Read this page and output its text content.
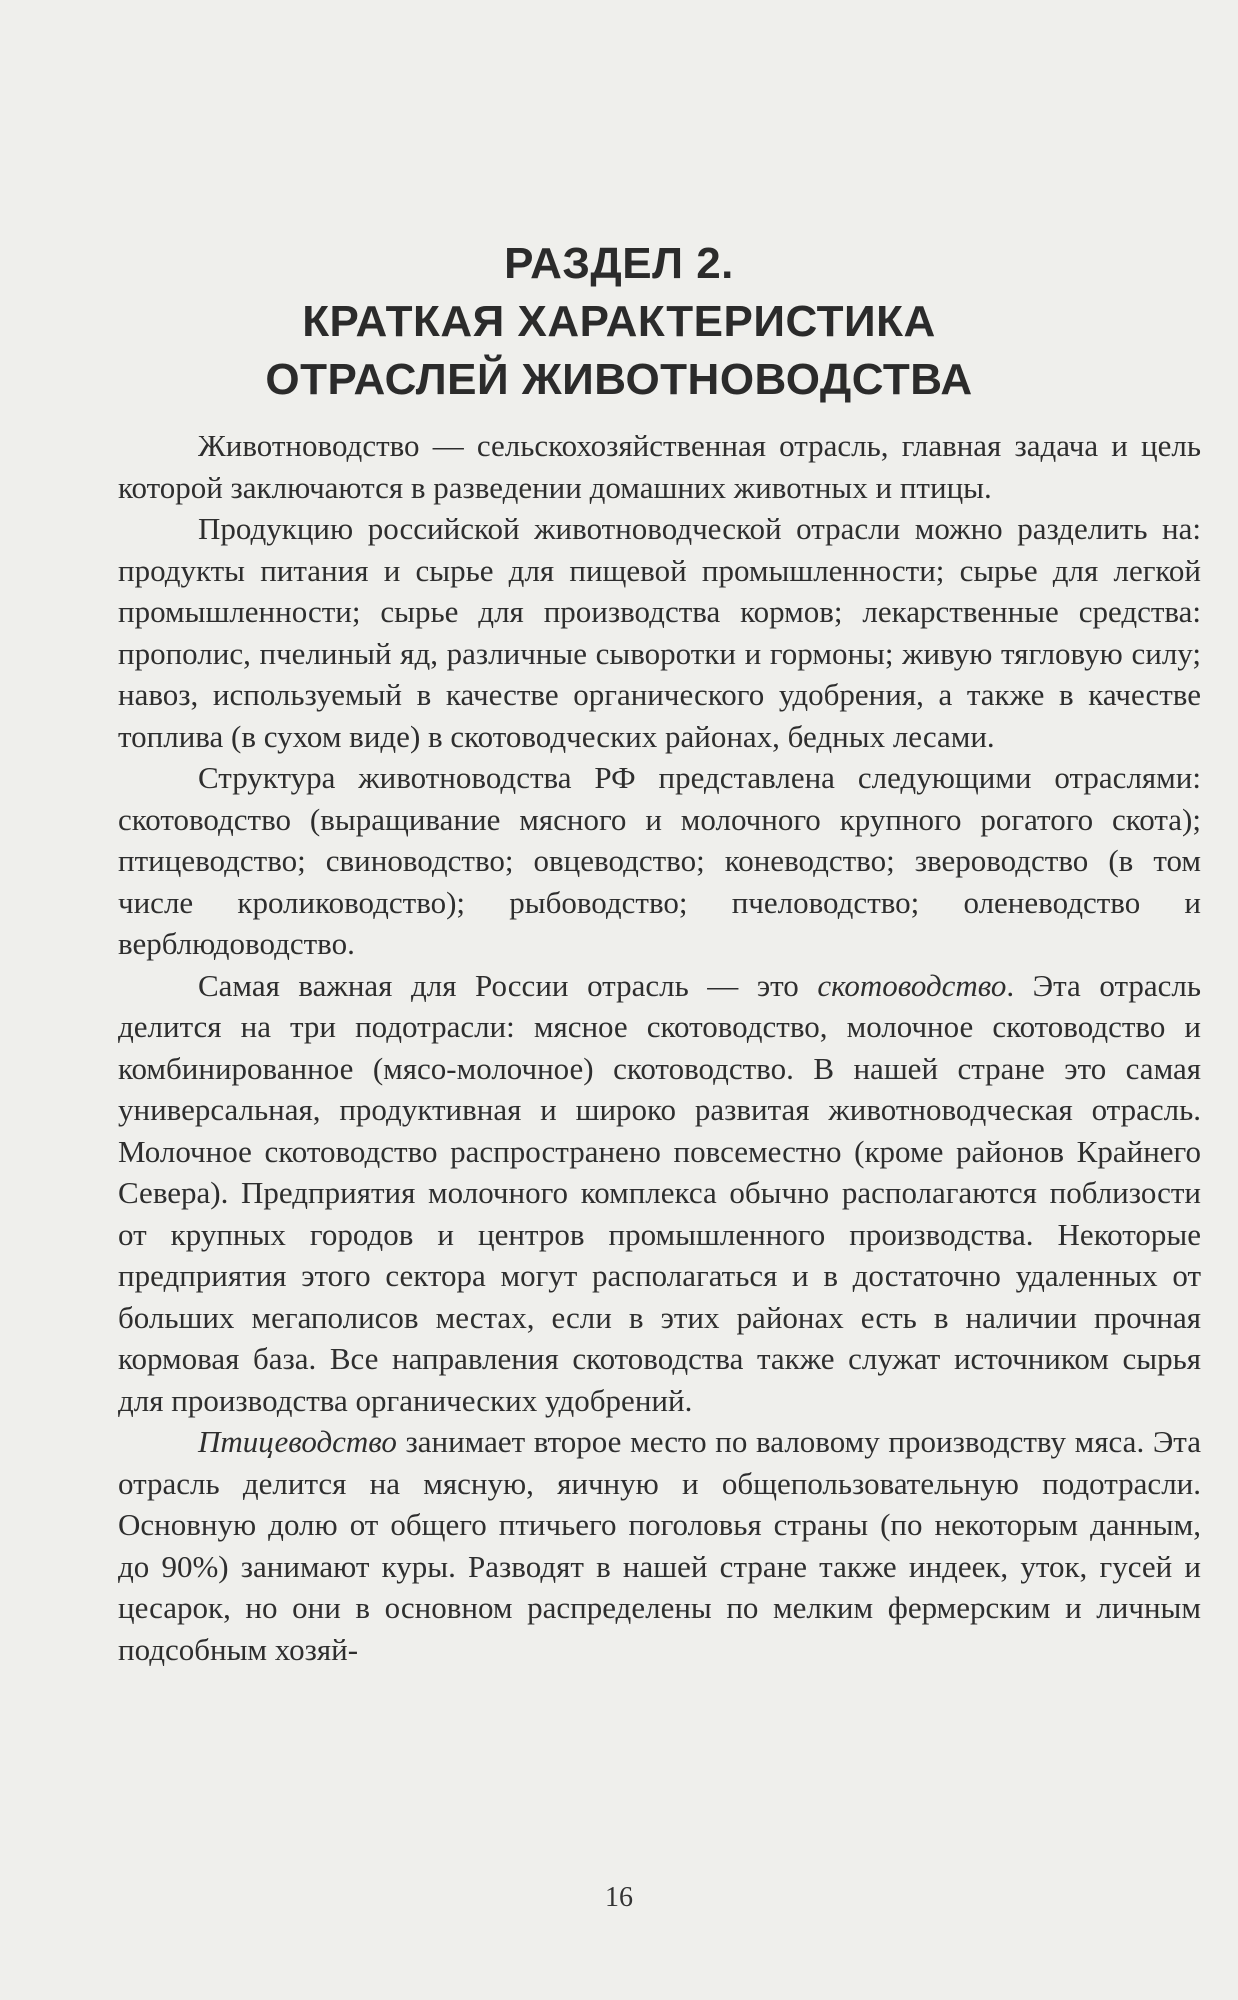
РАЗДЕЛ 2.
КРАТКАЯ ХАРАКТЕРИСТИКА
ОТРАСЛЕЙ ЖИВОТНОВОДСТВА

Животноводство — сельскохозяйственная отрасль, главная задача и цель которой заключаются в разведении домашних животных и птицы.

Продукцию российской животноводческой отрасли можно разделить на: продукты питания и сырье для пищевой промышленности; сырье для легкой промышленности; сырье для производства кормов; лекарственные средства: прополис, пчелиный яд, различные сыворотки и гормоны; живую тягловую силу; навоз, используемый в качестве органического удобрения, а также в качестве топлива (в сухом виде) в скотоводческих районах, бедных лесами.

Структура животноводства РФ представлена следующими отраслями: скотоводство (выращивание мясного и молочного крупного рогатого скота); птицеводство; свиноводство; овцеводство; коневодство; звероводство (в том числе кролиководство); рыбоводство; пчеловодство; оленеводство и верблюдоводство.

Самая важная для России отрасль — это скотоводство. Эта отрасль делится на три подотрасли: мясное скотоводство, молочное скотоводство и комбинированное (мясо-молочное) скотоводство. В нашей стране это самая универсальная, продуктивная и широко развитая животноводческая отрасль. Молочное скотоводство распространено повсеместно (кроме районов Крайнего Севера). Предприятия молочного комплекса обычно располагаются поблизости от крупных городов и центров промышленного производства. Некоторые предприятия этого сектора могут располагаться и в достаточно удаленных от больших мегаполисов местах, если в этих районах есть в наличии прочная кормовая база. Все направления скотоводства также служат источником сырья для производства органических удобрений.

Птицеводство занимает второе место по валовому производству мяса. Эта отрасль делится на мясную, яичную и общепользовательную подотрасли. Основную долю от общего птичьего поголовья страны (по некоторым данным, до 90%) занимают куры. Разводят в нашей стране также индеек, уток, гусей и цесарок, но они в основном распределены по мелким фермерским и личным подсобным хозяй-

16
